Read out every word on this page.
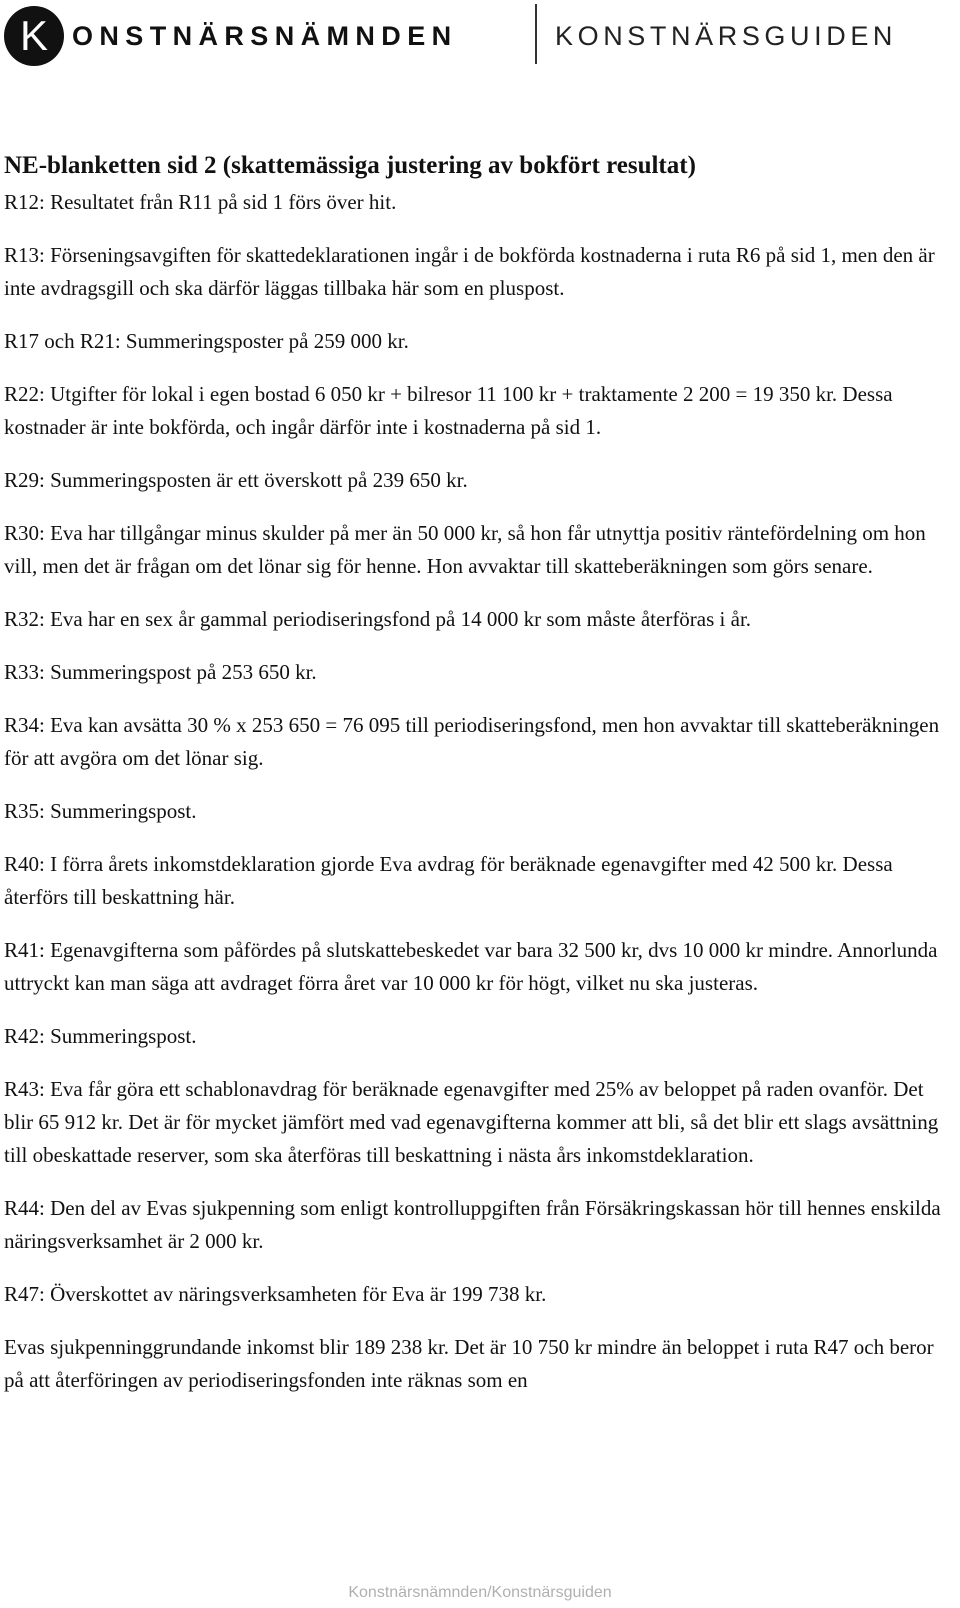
K ONSTNÄRSNÄMNDEN	KONSTNÄRSGUIDEN
NE-blanketten sid 2 (skattemässiga justering av bokfört resultat)

R12: Resultatet från R11 på sid 1 förs över hit.

R13: Förseningsavgiften för skattedeklarationen ingår i de bokförda kostnaderna i ruta R6 på sid 1, men den är inte avdragsgill och ska därför läggas tillbaka här som en pluspost.

R17 och R21: Summeringsposter på 259 000 kr.

R22: Utgifter för lokal i egen bostad 6 050 kr + bilresor 11 100 kr + traktamente 2 200 = 19 350 kr. Dessa kostnader är inte bokförda, och ingår därför inte i kostnaderna på sid 1.

R29: Summeringsposten är ett överskott på 239 650 kr.

R30: Eva har tillgångar minus skulder på mer än 50 000 kr, så hon får utnyttja positiv räntefördelning om hon vill, men det är frågan om det lönar sig för henne. Hon avvaktar till skatteberäkningen som görs senare.

R32: Eva har en sex år gammal periodiseringsfond på 14 000 kr som måste återföras i år.

R33: Summeringspost på 253 650 kr.

R34: Eva kan avsätta 30 % x 253 650 = 76 095 till periodiseringsfond, men hon avvaktar till skatteberäkningen för att avgöra om det lönar sig.

R35: Summeringspost.

R40: I förra årets inkomstdeklaration gjorde Eva avdrag för beräknade egenavgifter med 42 500 kr. Dessa återförs till beskattning här.

R41: Egenavgifterna som påfördes på slutskattebeskedet var bara 32 500 kr, dvs 10 000 kr mindre. Annorlunda uttryckt kan man säga att avdraget förra året var 10 000 kr för högt, vilket nu ska justeras.

R42: Summeringspost.

R43: Eva får göra ett schablonavdrag för beräknade egenavgifter med 25% av beloppet på raden ovanför. Det blir 65 912 kr. Det är för mycket jämfört med vad egenavgifterna kommer att bli, så det blir ett slags avsättning till obeskattade reserver, som ska återföras till beskattning i nästa års inkomstdeklaration.

R44: Den del av Evas sjukpenning som enligt kontrolluppgiften från Försäkringskassan hör till hennes enskilda näringsverksamhet är 2 000 kr.

R47: Överskottet av näringsverksamheten för Eva är 199 738 kr.

Evas sjukpenninggrundande inkomst blir 189 238 kr. Det är 10 750 kr mindre än beloppet i ruta R47 och beror på att återföringen av periodiseringsfonden inte räknas som en

Konstnärsnämnden/Konstnärsguiden
